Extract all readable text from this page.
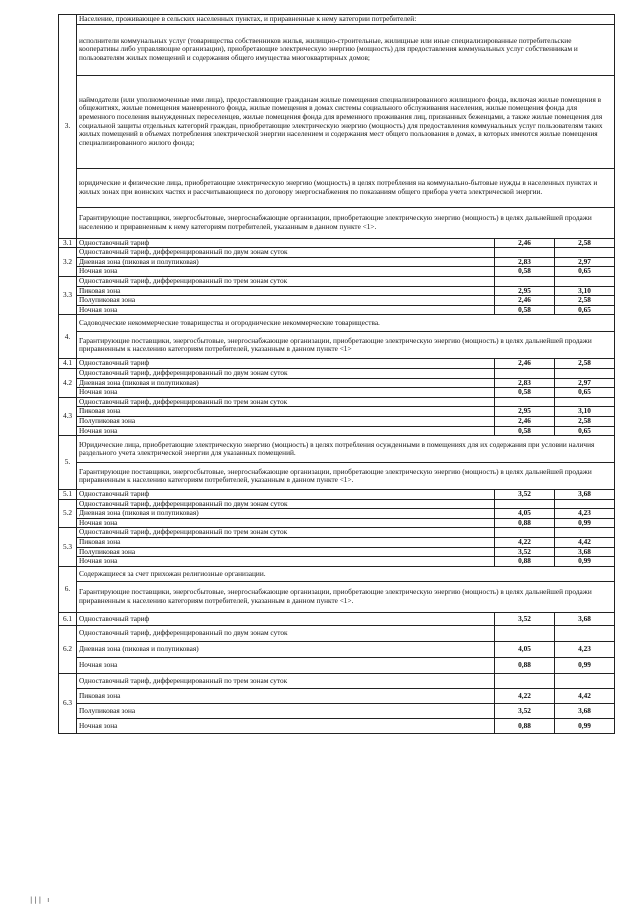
3.	Население, проживающее в сельских населенных пунктах, и приравненные к нему категории потребителей:		
	исполнители коммунальных услуг (товарищества собственников жилья, жилищно-строительные, жилищные или иные специализированные потребительские кооперативы либо управляющие организации), приобретающие электрическую энергию (мощность) для предоставления коммунальных услуг собственникам и пользователям жилых помещений и содержания общего имущества многоквартирных домов;		
	наймодатели (или уполномоченные ими лица), предоставляющие гражданам жилые помещения специализированного жилищного фонда, включая жилые помещения в общежитиях, жилые помещения маневренного фонда, жилые помещения в домах системы социального обслуживания населения, жилые помещения фонда для временного поселения вынужденных переселенцев, жилые помещения фонда для временного проживания лиц, признанных беженцами, а также жилые помещения для социальной защиты отдельных категорий граждан, приобретающие электрическую энергию (мощность) для предоставления коммунальных услуг пользователям таких жилых помещений в объемах потребления электрической энергии населением и содержания мест общего пользования в домах, в которых имеются жилые помещения специализированного жилого фонда;		
	юридические и физические лица, приобретающие электрическую энергию (мощность) в целях потребления на коммунально-бытовые нужды в населенных пунктах и жилых зонах при воинских частях и рассчитывающиеся по договору энергоснабжения по показаниям общего прибора учета электрической энергии.		
	Гарантирующие поставщики, энергосбытовые, энергоснабжающие организации, приобретающие электрическую энергию (мощность) в целях дальнейшей продажи населению и приравненным к нему категориям потребителей, указанным в данном пункте <1>.		
3.1	Одноставочный тариф	2,46	2,58
3.2	Одноставочный тариф, дифференцированный по двум зонам суток		
	Дневная зона (пиковая и полупиковая)	2,83	2,97
	Ночная зона	0,58	0,65
3.3	Одноставочный тариф, дифференцированный по трем зонам суток		
	Пиковая зона	2,95	3,10
	Полупиковая зона	2,46	2,58
	Ночная зона	0,58	0,65
4.	Садоводческие некоммерческие товарищества и огороднические некоммерческие товарищества.		
	Гарантирующие поставщики, энергосбытовые, энергоснабжающие организации, приобретающие электрическую энергию (мощность) в целях дальнейшей продажи приравненным к населению категориям потребителей, указанным в данном пункте <1>		
4.1	Одноставочный тариф	2,46	2,58
4.2	Одноставочный тариф, дифференцированный по двум зонам суток		
	Дневная зона (пиковая и полупиковая)	2,83	2,97
	Ночная зона	0,58	0,65
4.3	Одноставочный тариф, дифференцированный по трем зонам суток		
	Пиковая зона	2,95	3,10
	Полупиковая зона	2,46	2,58
	Ночная зона	0,58	0,65
5.	Юридические лица, приобретающие электрическую энергию (мощность) в целях потребления осужденными в помещениях для их содержания при условии наличия раздельного учета электрической энергии для указанных помещений.		
	Гарантирующие поставщики, энергосбытовые, энергоснабжающие организации, приобретающие электрическую энергию (мощность) в целях дальнейшей продажи приравненным к населению категориям потребителей, указанным в данном пункте <1>.		
5.1	Одноставочный тариф	3,52	3,68
5.2	Одноставочный тариф, дифференцированный по двум зонам суток		
	Дневная зона (пиковая и полупиковая)	4,05	4,23
	Ночная зона	0,88	0,99
5.3	Одноставочный тариф, дифференцированный по трем зонам суток		
	Пиковая зона	4,22	4,42
	Полупиковая зона	3,52	3,68
	Ночная зона	0,88	0,99
6.	Содержащиеся за счет прихожан религиозные организации.		
	Гарантирующие поставщики, энергосбытовые, энергоснабжающие организации, приобретающие электрическую энергию (мощность) в целях дальнейшей продажи приравненным к населению категориям потребителей, указанным в данном пункте <1>.		
6.1	Одноставочный тариф	3,52	3,68
6.2	Одноставочный тариф, дифференцированный по двум зонам суток		
	Дневная зона (пиковая и полупиковая)	4,05	4,23
	Ночная зона	0,88	0,99
6.3	Одноставочный тариф, дифференцированный по трем зонам суток		
	Пиковая зона	4,22	4,42
	Полупиковая зона	3,52	3,68
	Ночная зона	0,88	0,99
||| ı
